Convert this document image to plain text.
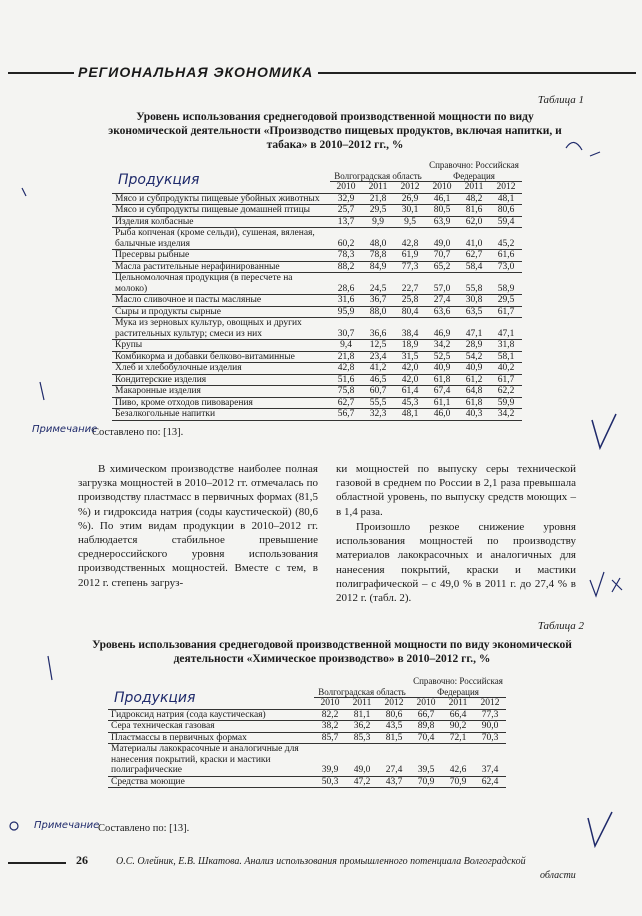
РЕГИОНАЛЬНАЯ ЭКОНОМИКА
Таблица 1
Уровень использования среднегодовой производственной мощности по виду экономической деятельности «Производство пищевых продуктов, включая напитки, и табака» в 2010–2012 гг., %
Продукция
		Волгоградская область			Справочно: Российская Федерация		
	2010	2011	2012	2010	2011	2012
Мясо и субпродукты пищевые убойных животных	32,9	21,8	26,9	46,1	48,2	48,1
Мясо и субпродукты пищевые домашней птицы	25,7	29,5	30,1	80,5	81,6	80,6
Изделия колбасные	13,7	9,9	9,5	63,9	62,0	59,4
Рыба копченая (кроме сельди), сушеная, вяленая, балычные изделия	60,2	48,0	42,8	49,0	41,0	45,2
Пресервы рыбные	78,3	78,8	61,9	70,7	62,7	61,6
Масла растительные нерафинированные	88,2	84,9	77,3	65,2	58,4	73,0
Цельномолочная продукция (в пересчете на молоко)	28,6	24,5	22,7	57,0	55,8	58,9
Масло сливочное и пасты масляные	31,6	36,7	25,8	27,4	30,8	29,5
Сыры и продукты сырные	95,9	88,0	80,4	63,6	63,5	61,7
Мука из зерновых культур, овощных и других растительных культур; смеси из них	30,7	36,6	38,4	46,9	47,1	47,1
Крупы	9,4	12,5	18,9	34,2	28,9	31,8
Комбикорма и добавки белково-витаминные	21,8	23,4	31,5	52,5	54,2	58,1
Хлеб и хлебобулочные изделия	42,8	41,2	42,0	40,9	40,9	40,2
Кондитерские изделия	51,6	46,5	42,0	61,8	61,2	61,7
Макаронные изделия	75,8	60,7	61,4	67,4	64,8	62,2
Пиво, кроме отходов пивоварения	62,7	55,5	45,3	61,1	61,8	59,9
Безалкогольные напитки	56,7	32,3	48,1	46,0	40,3	34,2
Составлено по: [13].
Примечание
В химическом производстве наиболее полная загрузка мощностей в 2010–2012 гг. отмечалась по производству пластмасс в первичных формах (81,5 %) и гидроксида натрия (соды каустической) (80,6 %). По этим видам продукции в 2010–2012 гг. наблюдается стабильное превышение среднероссийского уровня использования производственных мощностей. Вместе с тем, в 2012 г. степень загруз-
ки мощностей по выпуску серы технической газовой в среднем по России в 2,1 раза превышала областной уровень, по выпуску средств моющих – в 1,4 раза.
Произошло резкое снижение уровня использования мощностей по производству материалов лакокрасочных и аналогичных для нанесения покрытий, краски и мастики полиграфической – с 49,0 % в 2011 г. до 27,4 % в 2012 г. (табл. 2).
Таблица 2
Уровень использования среднегодовой производственной мощности по виду экономической деятельности «Химическое производство» в 2010–2012 гг., %
Продукция
		Волгоградская область			Справочно: Российская Федерация		
	2010	2011	2012	2010	2011	2012
Гидроксид натрия (сода каустическая)	82,2	81,1	80,6	66,7	66,4	77,3
Сера техническая газовая	38,2	36,2	43,5	89,8	90,2	90,0
Пластмассы в первичных формах	85,7	85,3	81,5	70,4	72,1	70,3
Материалы лакокрасочные и аналогичные для нанесения покрытий, краски и мастики полиграфические	39,9	49,0	27,4	39,5	42,6	37,4
Средства моющие	50,3	47,2	43,7	70,9	70,9	62,4
Составлено по: [13].
Примечание
26	О.С. Олейник, Е.В. Шкатова. Анализ использования промышленного потенциала Волгоградской
области
